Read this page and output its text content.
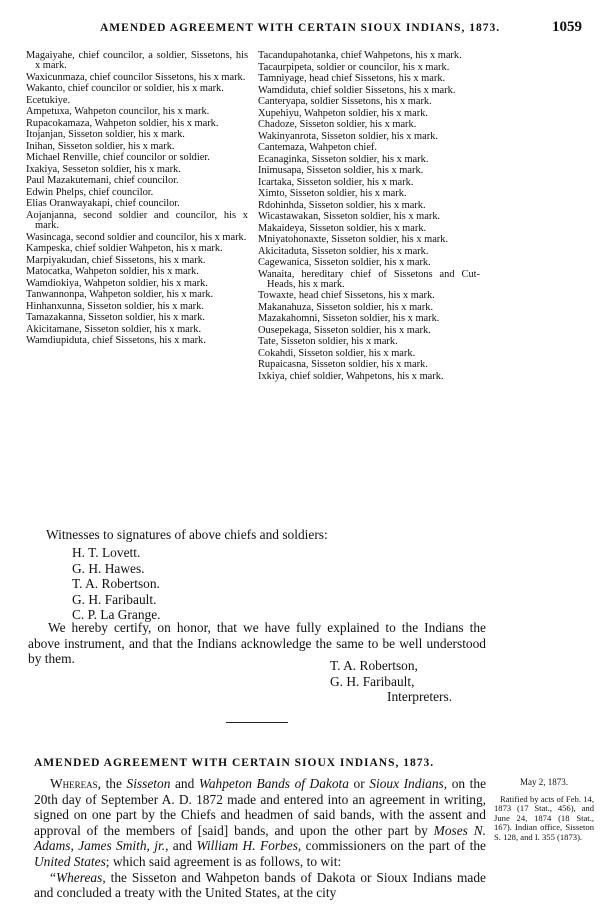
AMENDED AGREEMENT WITH CERTAIN SIOUX INDIANS, 1873.	1059

Magaiyahe, chief councilor, a soldier, Sissetons, his x mark.

Waxicunmaza, chief councilor Sissetons, his x mark.

Wakanto, chief councilor or soldier, his x mark.

Ecetukiye.

Ampetuxa, Wahpeton councilor, his x mark.

Rupacokamaza, Wahpeton soldier, his x mark.

Itojanjan, Sisseton soldier, his x mark.

Inihan, Sisseton soldier, his x mark.

Michael Renville, chief councilor or soldier.

Ixakiya, Sesseton soldier, his x mark.

Paul Mazakutemani, chief councilor.

Edwin Phelps, chief councilor.

Elias Oranwayakapi, chief councilor.

Aojanjanna, second soldier and councilor, his x mark.

Wasincaga, second soldier and councilor, his x mark.

Kampeska, chief soldier Wahpeton, his x mark.

Marpiyakudan, chief Sissetons, his x mark.

Matocatka, Wahpeton soldier, his x mark.

Wamdiokiya, Wahpeton soldier, his x mark.

Tanwannonpa, Wahpeton soldier, his x mark.

Hinhanxunna, Sisseton soldier, his x mark.

Tamazakanna, Sisseton soldier, his x mark.

Akicitamane, Sisseton soldier, his x mark.

Wamdiupiduta, chief Sissetons, his x mark.

Tacandupahotanka, chief Wahpetons, his x mark.

Tacaurpipeta, soldier or councilor, his x mark.

Tamniyage, head chief Sissetons, his x mark.

Wamdiduta, chief soldier Sissetons, his x mark.

Canteryapa, soldier Sissetons, his x mark.

Xupehiyu, Wahpeton soldier, his x mark.

Chadoze, Sisseton soldier, his x mark.

Wakinyanrota, Sisseton soldier, his x mark.

Cantemaza, Wahpeton chief.

Ecanaginka, Sisseton soldier, his x mark.

Inimusapa, Sisseton soldier, his x mark.

Icartaka, Sisseton soldier, his x mark.

Ximto, Sisseton soldier, his x mark.

Rdohinhda, Sisseton soldier, his x mark.

Wicastawakan, Sisseton soldier, his x mark.

Makaideya, Sisseton soldier, his x mark.

Mniyatohonaxte, Sisseton soldier, his x mark.

Akicitaduta, Sisseton soldier, his x mark.

Cagewanica, Sisseton soldier, his x mark.

Wanaita, hereditary chief of Sissetons and Cut-Heads, his x mark.

Towaxte, head chief Sissetons, his x mark.

Makanahuza, Sisseton soldier, his x mark.

Mazakahomni, Sisseton soldier, his x mark.

Ousepekaga, Sisseton soldier, his x mark.

Tate, Sisseton soldier, his x mark.

Cokahdi, Sisseton soldier, his x mark.

Rupaicasna, Sisseton soldier, his x mark.

Ixkiya, chief soldier, Wahpetons, his x mark.

Witnesses to signatures of above chiefs and soldiers:
H. T. Lovett.
G. H. Hawes.
T. A. Robertson.
G. H. Faribault.
C. P. La Grange.

We hereby certify, on honor, that we have fully explained to the Indians the above instrument, and that the Indians acknowledge the same to be well understood by them.	T. A. Robertson,
G. H. Faribault,
Interpreters.
AMENDED AGREEMENT WITH CERTAIN SIOUX INDIANS, 1873.

Whereas, the Sisseton and Wahpeton Bands of Dakota or Sioux Indians, on the 20th day of September A. D. 1872 made and entered into an agreement in writing, signed on one part by the Chiefs and headmen of said bands, with the assent and approval of the members of [said] bands, and upon the other part by Moses N. Adams, James Smith, jr., and William H. Forbes, commissioners on the part of the United States; which said agreement is as follows, to wit:

“Whereas, the Sisseton and Wahpeton bands of Dakota or Sioux Indians made and concluded a treaty with the United States, at the city

May 2, 1873.

Ratified by acts of Feb. 14, 1873 (17 Stat., 456), and June 24, 1874 (18 Stat., 167). Indian office, Sisseton S. 128, and I. 355 (1873).
